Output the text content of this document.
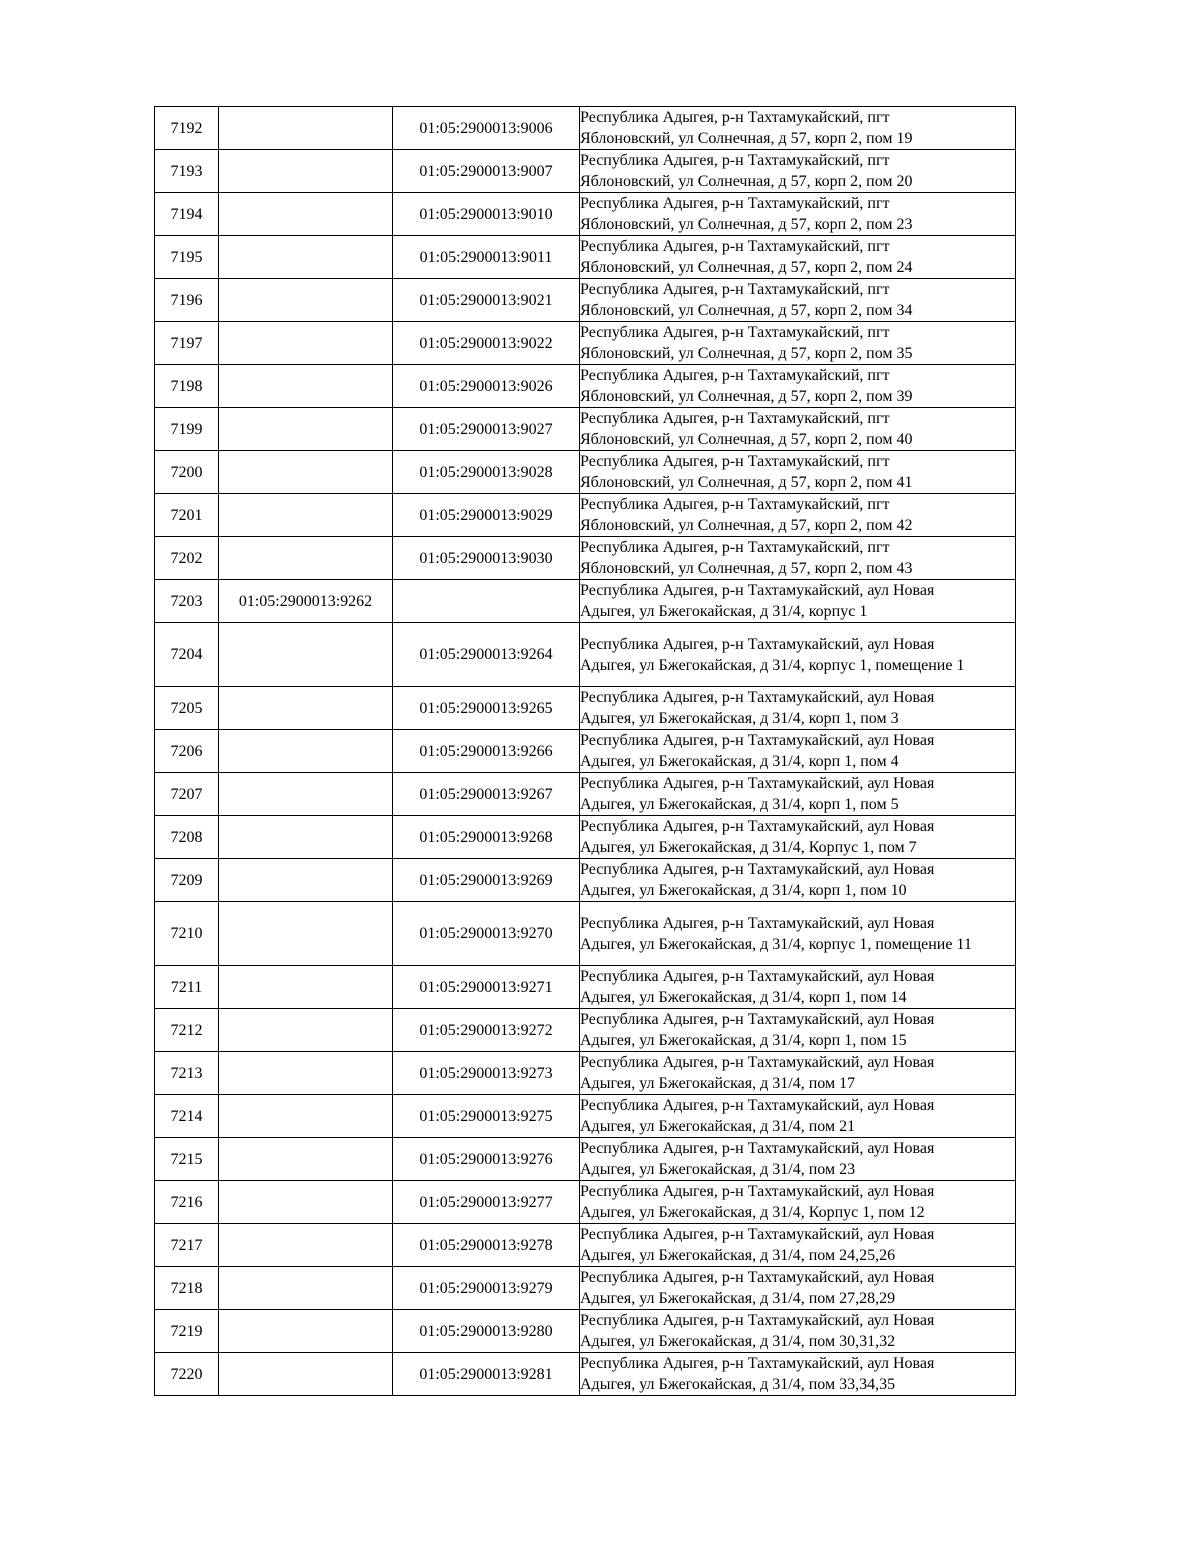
7192		01:05:2900013:9006	Республика Адыгея, р-н Тахтамукайский, пгт
Яблоновский, ул Солнечная, д 57, корп 2, пом 19

7193		01:05:2900013:9007	Республика Адыгея, р-н Тахтамукайский, пгт
Яблоновский, ул Солнечная, д 57, корп 2, пом 20

7194		01:05:2900013:9010	Республика Адыгея, р-н Тахтамукайский, пгт
Яблоновский, ул Солнечная, д 57, корп 2, пом 23

7195		01:05:2900013:9011	Республика Адыгея, р-н Тахтамукайский, пгт
Яблоновский, ул Солнечная, д 57, корп 2, пом 24

7196		01:05:2900013:9021	Республика Адыгея, р-н Тахтамукайский, пгт
Яблоновский, ул Солнечная, д 57, корп 2, пом 34

7197		01:05:2900013:9022	Республика Адыгея, р-н Тахтамукайский, пгт
Яблоновский, ул Солнечная, д 57, корп 2, пом 35

7198		01:05:2900013:9026	Республика Адыгея, р-н Тахтамукайский, пгт
Яблоновский, ул Солнечная, д 57, корп 2, пом 39

7199		01:05:2900013:9027	Республика Адыгея, р-н Тахтамукайский, пгт
Яблоновский, ул Солнечная, д 57, корп 2, пом 40

7200		01:05:2900013:9028	Республика Адыгея, р-н Тахтамукайский, пгт
Яблоновский, ул Солнечная, д 57, корп 2, пом 41

7201		01:05:2900013:9029	Республика Адыгея, р-н Тахтамукайский, пгт
Яблоновский, ул Солнечная, д 57, корп 2, пом 42

7202		01:05:2900013:9030	Республика Адыгея, р-н Тахтамукайский, пгт
Яблоновский, ул Солнечная, д 57, корп 2, пом 43

7203	01:05:2900013:9262		Республика Адыгея, р-н Тахтамукайский, аул Новая
Адыгея, ул Бжегокайская, д 31/4, корпус 1

7204		01:05:2900013:9264	Республика Адыгея, р-н Тахтамукайский, аул Новая
Адыгея, ул Бжегокайская, д 31/4, корпус 1, помещение 1

7205		01:05:2900013:9265	Республика Адыгея, р-н Тахтамукайский, аул Новая
Адыгея, ул Бжегокайская, д 31/4, корп 1, пом 3

7206		01:05:2900013:9266	Республика Адыгея, р-н Тахтамукайский, аул Новая
Адыгея, ул Бжегокайская, д 31/4, корп 1, пом 4

7207		01:05:2900013:9267	Республика Адыгея, р-н Тахтамукайский, аул Новая
Адыгея, ул Бжегокайская, д 31/4, корп 1, пом 5

7208		01:05:2900013:9268	Республика Адыгея, р-н Тахтамукайский, аул Новая
Адыгея, ул Бжегокайская, д 31/4, Корпус 1, пом 7

7209		01:05:2900013:9269	Республика Адыгея, р-н Тахтамукайский, аул Новая
Адыгея, ул Бжегокайская, д 31/4, корп 1, пом 10

7210		01:05:2900013:9270	Республика Адыгея, р-н Тахтамукайский, аул Новая
Адыгея, ул Бжегокайская, д 31/4, корпус 1, помещение 11

7211		01:05:2900013:9271	Республика Адыгея, р-н Тахтамукайский, аул Новая
Адыгея, ул Бжегокайская, д 31/4, корп 1, пом 14

7212		01:05:2900013:9272	Республика Адыгея, р-н Тахтамукайский, аул Новая
Адыгея, ул Бжегокайская, д 31/4, корп 1, пом 15

7213		01:05:2900013:9273	Республика Адыгея, р-н Тахтамукайский, аул Новая
Адыгея, ул Бжегокайская, д 31/4, пом 17

7214		01:05:2900013:9275	Республика Адыгея, р-н Тахтамукайский, аул Новая
Адыгея, ул Бжегокайская, д 31/4, пом 21

7215		01:05:2900013:9276	Республика Адыгея, р-н Тахтамукайский, аул Новая
Адыгея, ул Бжегокайская, д 31/4, пом 23

7216		01:05:2900013:9277	Республика Адыгея, р-н Тахтамукайский, аул Новая
Адыгея, ул Бжегокайская, д 31/4, Корпус 1, пом 12

7217		01:05:2900013:9278	Республика Адыгея, р-н Тахтамукайский, аул Новая
Адыгея, ул Бжегокайская, д 31/4, пом 24,25,26

7218		01:05:2900013:9279	Республика Адыгея, р-н Тахтамукайский, аул Новая
Адыгея, ул Бжегокайская, д 31/4, пом 27,28,29

7219		01:05:2900013:9280	Республика Адыгея, р-н Тахтамукайский, аул Новая
Адыгея, ул Бжегокайская, д 31/4, пом 30,31,32

7220		01:05:2900013:9281	Республика Адыгея, р-н Тахтамукайский, аул Новая
Адыгея, ул Бжегокайская, д 31/4, пом 33,34,35
